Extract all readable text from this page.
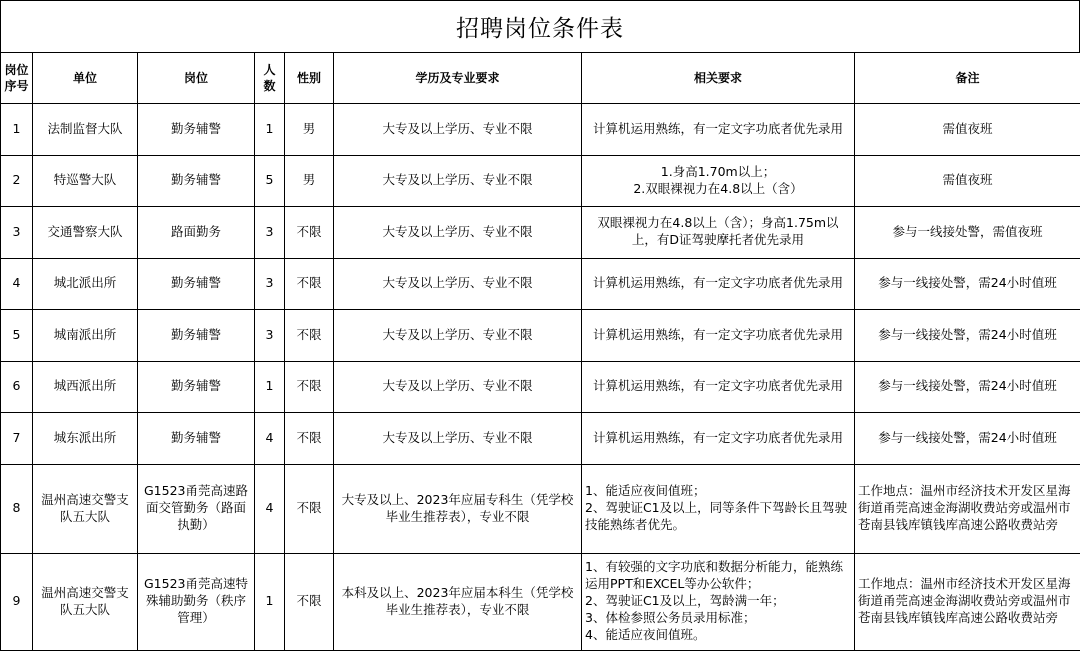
招聘岗位条件表
岗位
序号	单位	岗位	人数	性别	学历及专业要求	相关要求	备注
1	法制监督大队	勤务辅警	1	男	大专及以上学历、专业不限	计算机运用熟练，有一定文字功底者优先录用	需值夜班
2	特巡警大队	勤务辅警	5	男	大专及以上学历、专业不限	1.身高1.70m以上；
2.双眼裸视力在4.8以上（含）	需值夜班
3	交通警察大队	路面勤务	3	不限	大专及以上学历、专业不限	双眼裸视力在4.8以上（含）；身高1.75m以上，有D证驾驶摩托者优先录用	参与一线接处警，需值夜班
4	城北派出所	勤务辅警	3	不限	大专及以上学历、专业不限	计算机运用熟练，有一定文字功底者优先录用	参与一线接处警，需24小时值班
5	城南派出所	勤务辅警	3	不限	大专及以上学历、专业不限	计算机运用熟练，有一定文字功底者优先录用	参与一线接处警，需24小时值班
6	城西派出所	勤务辅警	1	不限	大专及以上学历、专业不限	计算机运用熟练，有一定文字功底者优先录用	参与一线接处警，需24小时值班
7	城东派出所	勤务辅警	4	不限	大专及以上学历、专业不限	计算机运用熟练，有一定文字功底者优先录用	参与一线接处警，需24小时值班
8	温州高速交警支队五大队	G1523甬莞高速路面交管勤务（路面执勤）	4	不限	大专及以上、2023年应届专科生（凭学校毕业生推荐表），专业不限	1、能适应夜间值班；
2、驾驶证C1及以上，同等条件下驾龄长且驾驶技能熟练者优先。	工作地点：温州市经济技术开发区星海街道甬莞高速金海湖收费站旁或温州市苍南县钱库镇钱库高速公路收费站旁
9	温州高速交警支队五大队	G1523甬莞高速特殊辅助勤务（秩序管理）	1	不限	本科及以上、2023年应届本科生（凭学校毕业生推荐表），专业不限	1、有较强的文字功底和数据分析能力，能熟练运用PPT和EXCEL等办公软件；
2、驾驶证C1及以上，驾龄满一年；
3、体检参照公务员录用标准；
4、能适应夜间值班。	工作地点：温州市经济技术开发区星海街道甬莞高速金海湖收费站旁或温州市苍南县钱库镇钱库高速公路收费站旁
